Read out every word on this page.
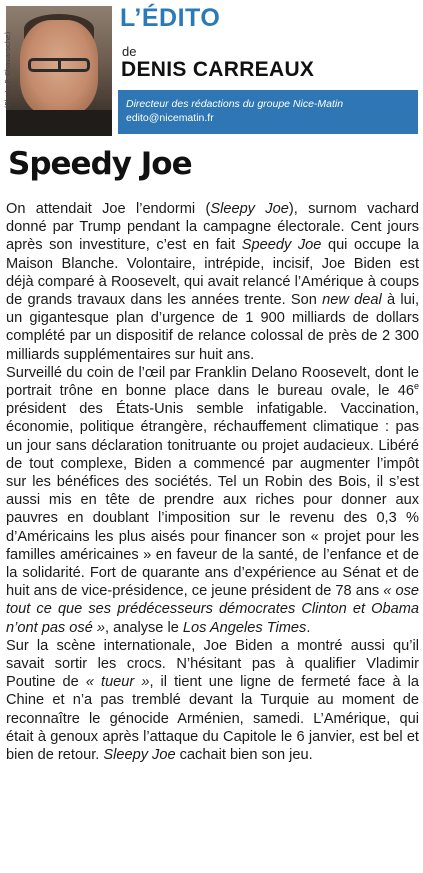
(Photo F. Chavaroche)
L’ÉDITO
de
DENIS CARREAUX
Directeur des rédactions du groupe Nice-Matin
edito@nicematin.fr
Speedy Joe

On attendait Joe l’endormi (Sleepy Joe), surnom vachard donné par Trump pendant la campagne électorale. Cent jours après son investiture, c’est en fait Speedy Joe qui occupe la Maison Blanche. Volontaire, intrépide, incisif, Joe Biden est déjà comparé à Roosevelt, qui avait relancé l’Amérique à coups de grands travaux dans les années trente. Son new deal à lui, un gigantesque plan d’urgence de 1 900 milliards de dollars complété par un dispositif de relance colossal de près de 2 300 milliards supplémentaires sur huit ans.

Surveillé du coin de l’œil par Franklin Delano Roosevelt, dont le portrait trône en bonne place dans le bureau ovale, le 46e président des États-Unis semble infatigable. Vaccination, économie, politique étrangère, réchauffement climatique : pas un jour sans déclaration tonitruante ou projet audacieux. Libéré de tout complexe, Biden a commencé par augmenter l’impôt sur les bénéfices des sociétés. Tel un Robin des Bois, il s’est aussi mis en tête de prendre aux riches pour donner aux pauvres en doublant l’imposition sur le revenu des 0,3 % d’Américains les plus aisés pour financer son « projet pour les familles américaines » en faveur de la santé, de l’enfance et de la solidarité. Fort de quarante ans d’expérience au Sénat et de huit ans de vice-présidence, ce jeune président de 78 ans « ose tout ce que ses prédécesseurs démocrates Clinton et Obama n’ont pas osé », analyse le Los Angeles Times.

Sur la scène internationale, Joe Biden a montré aussi qu’il savait sortir les crocs. N’hésitant pas à qualifier Vladimir Poutine de « tueur », il tient une ligne de fermeté face à la Chine et n’a pas tremblé devant la Turquie au moment de reconnaître le génocide Arménien, samedi. L’Amérique, qui était à genoux après l’attaque du Capitole le 6 janvier, est bel et bien de retour. Sleepy Joe cachait bien son jeu.
